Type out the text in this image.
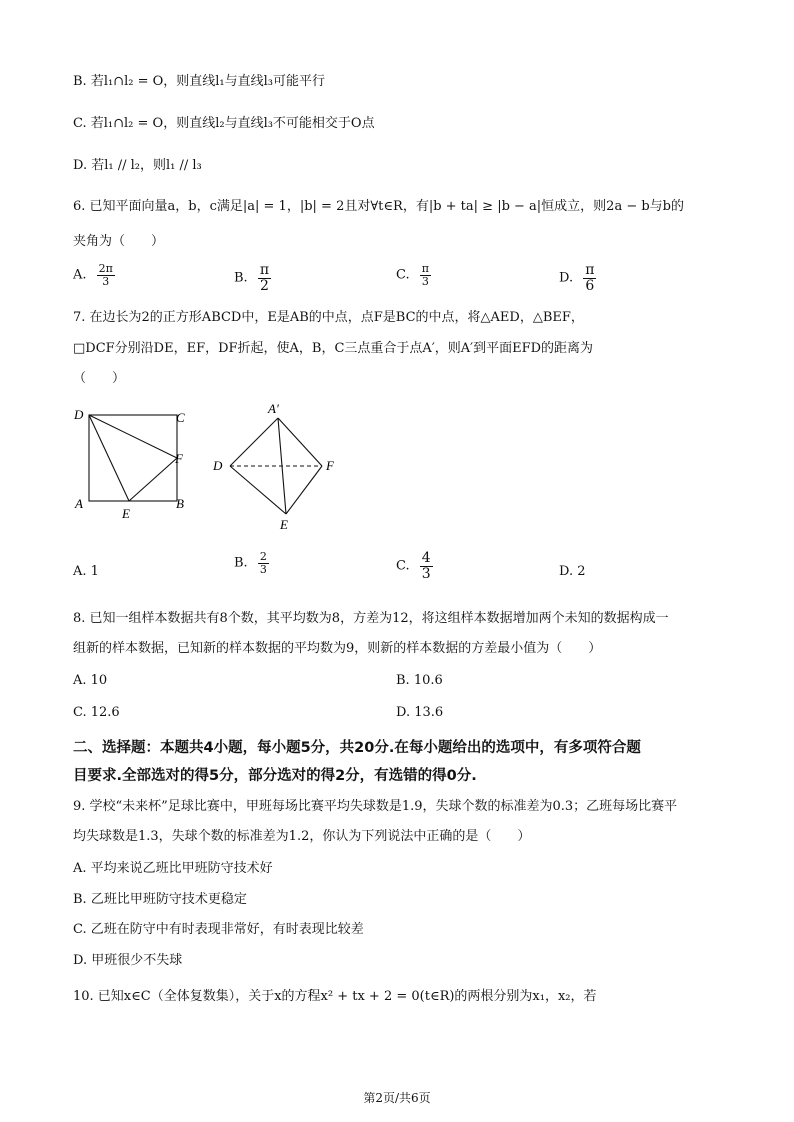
B. 若l₁∩l₂ = O，则直线l₁与直线l₃可能平行
C. 若l₁∩l₂ = O，则直线l₂与直线l₃不可能相交于O点
D. 若l₁ // l₂，则l₁ // l₃
6. 已知平面向量a，b，c满足|a| = 1，|b| = 2且对∀t∈R，有|b + ta| ≥ |b − a|恒成立，则2a − b与b的
夹角为（　　）
A. $\frac{2\pi}{3}$	B. $\frac{\pi}{2}$	C. $\frac{\pi}{3}$	D. $\frac{\pi}{6}$
7. 在边长为2的正方形ABCD中，E是AB的中点，点F是BC的中点，将△AED，△BEF，
□DCF分别沿DE，EF，DF折起，使A，B，C三点重合于点A′，则A′到平面EFD的距离为
（　　）
D	C
F
A
E
B
A′
D	F
E
A. 1
B. $\frac{2}{3}$	C. $\frac{4}{3}$	D. 2
8. 已知一组样本数据共有8个数，其平均数为8，方差为12，将这组样本数据增加两个未知的数据构成一
组新的样本数据，已知新的样本数据的平均数为9，则新的样本数据的方差最小值为（　　）
A. 10	B. 10.6
C. 12.6	D. 13.6
二、选择题：本题共4小题，每小题5分，共20分.在每小题给出的选项中，有多项符合题
目要求.全部选对的得5分，部分选对的得2分，有选错的得0分.
9. 学校“未来杯”足球比赛中，甲班每场比赛平均失球数是1.9，失球个数的标准差为0.3；乙班每场比赛平
均失球数是1.3，失球个数的标准差为1.2，你认为下列说法中正确的是（　　）
A. 平均来说乙班比甲班防守技术好
B. 乙班比甲班防守技术更稳定
C. 乙班在防守中有时表现非常好，有时表现比较差
D. 甲班很少不失球
10. 已知x∈C（全体复数集），关于x的方程x² + tx + 2 = 0(t∈R)的两根分别为x₁，x₂，若
第2页/共6页
